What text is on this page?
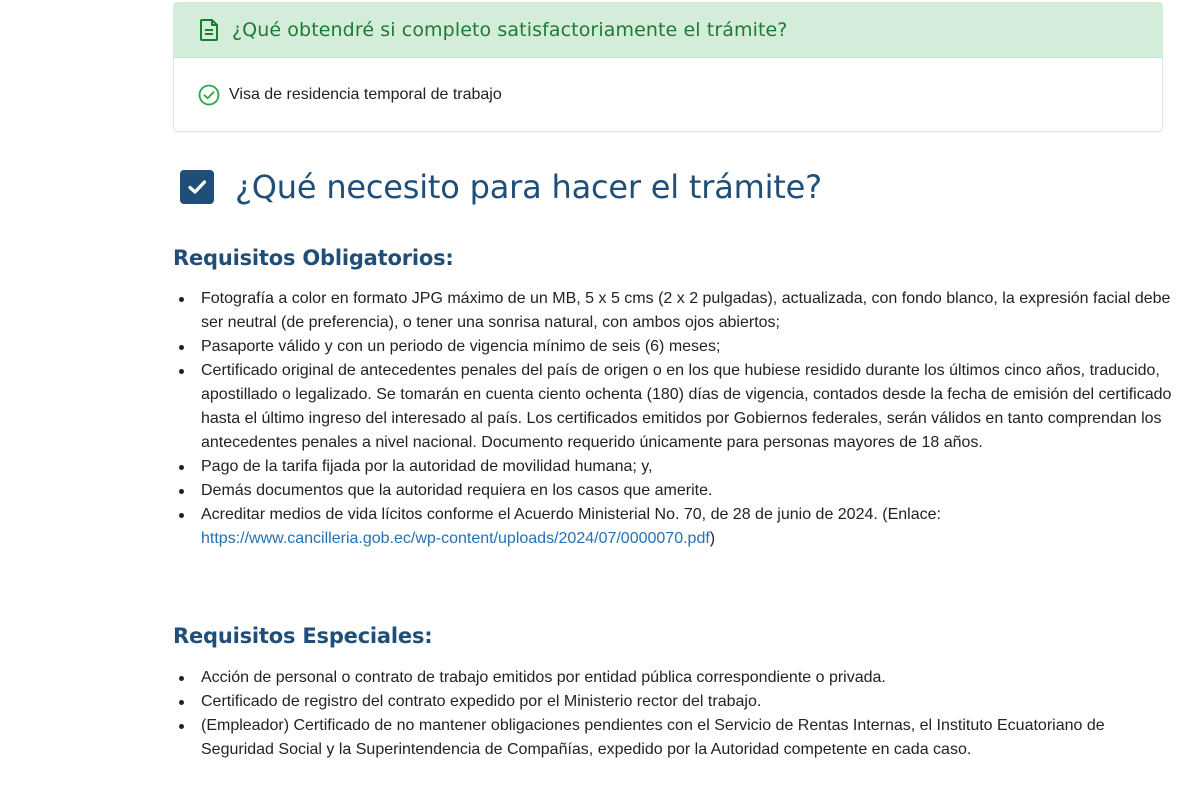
¿Qué obtendré si completo satisfactoriamente el trámite?
Visa de residencia temporal de trabajo
¿Qué necesito para hacer el trámite?
Requisitos Obligatorios:
Fotografía a color en formato JPG máximo de un MB, 5 x 5 cms (2 x 2 pulgadas), actualizada, con fondo blanco, la expresión facial debe ser neutral (de preferencia), o tener una sonrisa natural, con ambos ojos abiertos;
Pasaporte válido y con un periodo de vigencia mínimo de seis (6) meses;
Certificado original de antecedentes penales del país de origen o en los que hubiese residido durante los últimos cinco años, traducido, apostillado o legalizado. Se tomarán en cuenta ciento ochenta (180) días de vigencia, contados desde la fecha de emisión del certificado hasta el último ingreso del interesado al país. Los certificados emitidos por Gobiernos federales, serán válidos en tanto comprendan los antecedentes penales a nivel nacional. Documento requerido únicamente para personas mayores de 18 años.
Pago de la tarifa fijada por la autoridad de movilidad humana; y,
Demás documentos que la autoridad requiera en los casos que amerite.
Acreditar medios de vida lícitos conforme el Acuerdo Ministerial No. 70, de 28 de junio de 2024. (Enlace:
https://www.cancilleria.gob.ec/wp-content/uploads/2024/07/0000070.pdf)
Requisitos Especiales:
Acción de personal o contrato de trabajo emitidos por entidad pública correspondiente o privada.
Certificado de registro del contrato expedido por el Ministerio rector del trabajo.
(Empleador) Certificado de no mantener obligaciones pendientes con el Servicio de Rentas Internas, el Instituto Ecuatoriano de Seguridad Social y la Superintendencia de Compañías, expedido por la Autoridad competente en cada caso.
